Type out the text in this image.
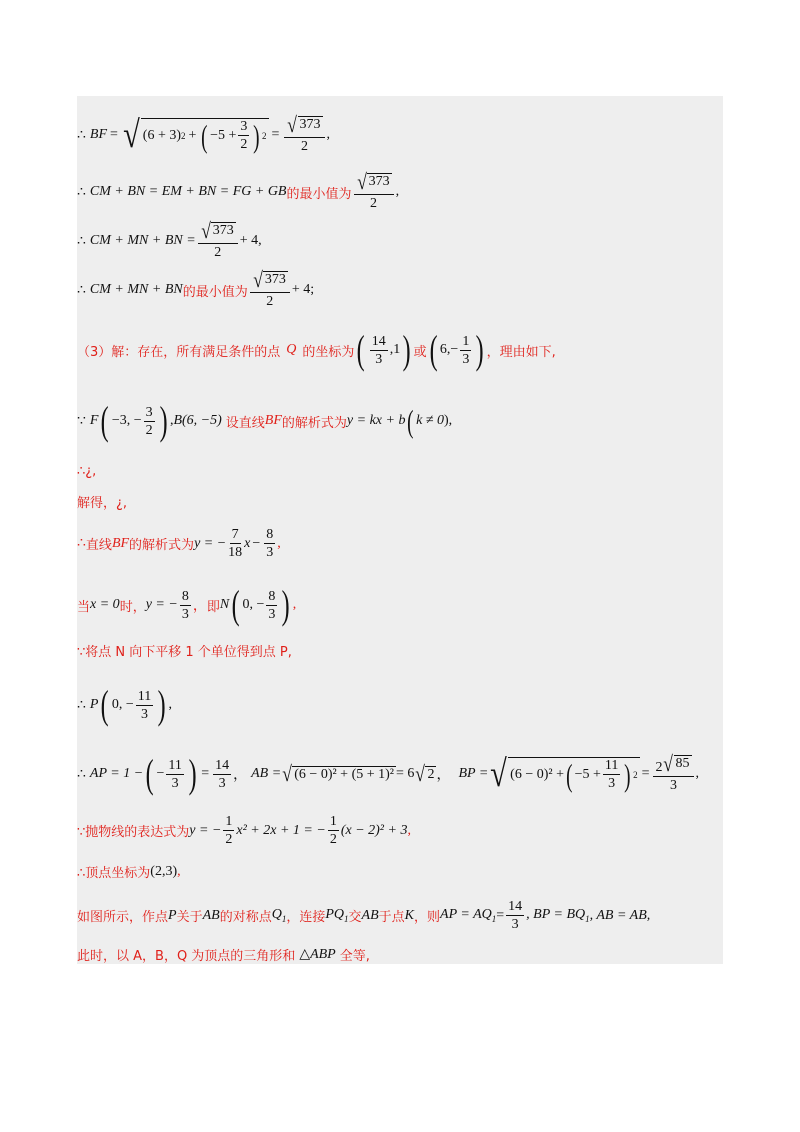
∴ BF = √ (6 + 3) 2 + ( $-5 + \frac{3}{2}$ ) $2 = \frac{√ 373}{2}$ ,
∴ CM + BN = EM + BN = FG + GB 的最小值为 $\frac{√ 373}{2}$ ,
∴ CM + MN + BN = $\frac{√ 373}{2} + 4$,
∴ CM + MN + BN 的最小值为 $\frac{√ 373}{2} + 4$;
（3）解：存在，所有满足条件的点 Q 的坐标为 ( $\frac{14}{3}$ , 1 ) 或 ( 6 , − $\frac{1}{3}$ ) ，理由如下,
∵ F ( −3, − $\frac{3}{2}$ ) , B(6, −5) 设直线 BF 的解析式为 y = kx + b ( k ≠ 0 ),
∴¿,
解得，¿,
∴ 直线 BF 的解析式为 y = − $\frac{7}{18}$ $x - \frac{8}{3}$ ,
当 x = 0 时， y = − $\frac{8}{3}$ ， 即 N ( 0 , − $\frac{8}{3}$ ) ,
∵将点 N 向下平移 1 个单位得到点 P,
∴ P ( 0 , − $\frac{11}{3}$ ) ,
∴ AP = 1 − ( − $\frac{11}{3}$ ) = $\frac{14}{3}$ ， AB = √ (6 − 0)² + (5 + 1)² = 6 √ 2 ， BP = √ (6 − 0)² + ( $-5 + \frac{11}{3}$ ) $2 = \frac{2 √ 85}{3}$ ,
∵抛物线的表达式为 y = − $\frac{1}{2} x^2 + 2x + 1$ = − $\frac{1}{2} (x - 2)^2 + 3$ ,
∴顶点坐标为 (2,3) ,
如图所示，作点 P 关于 AB 的对称点 $Q_1$ ，连接 $PQ_1$ 交 AB 于点 K ，则 AP = $AQ_1 = \frac{14}{3}$ , BP = $BQ_1$ , AB = AB,
此时，以 A，B，Q 为顶点的三角形和 △ABP 全等,
